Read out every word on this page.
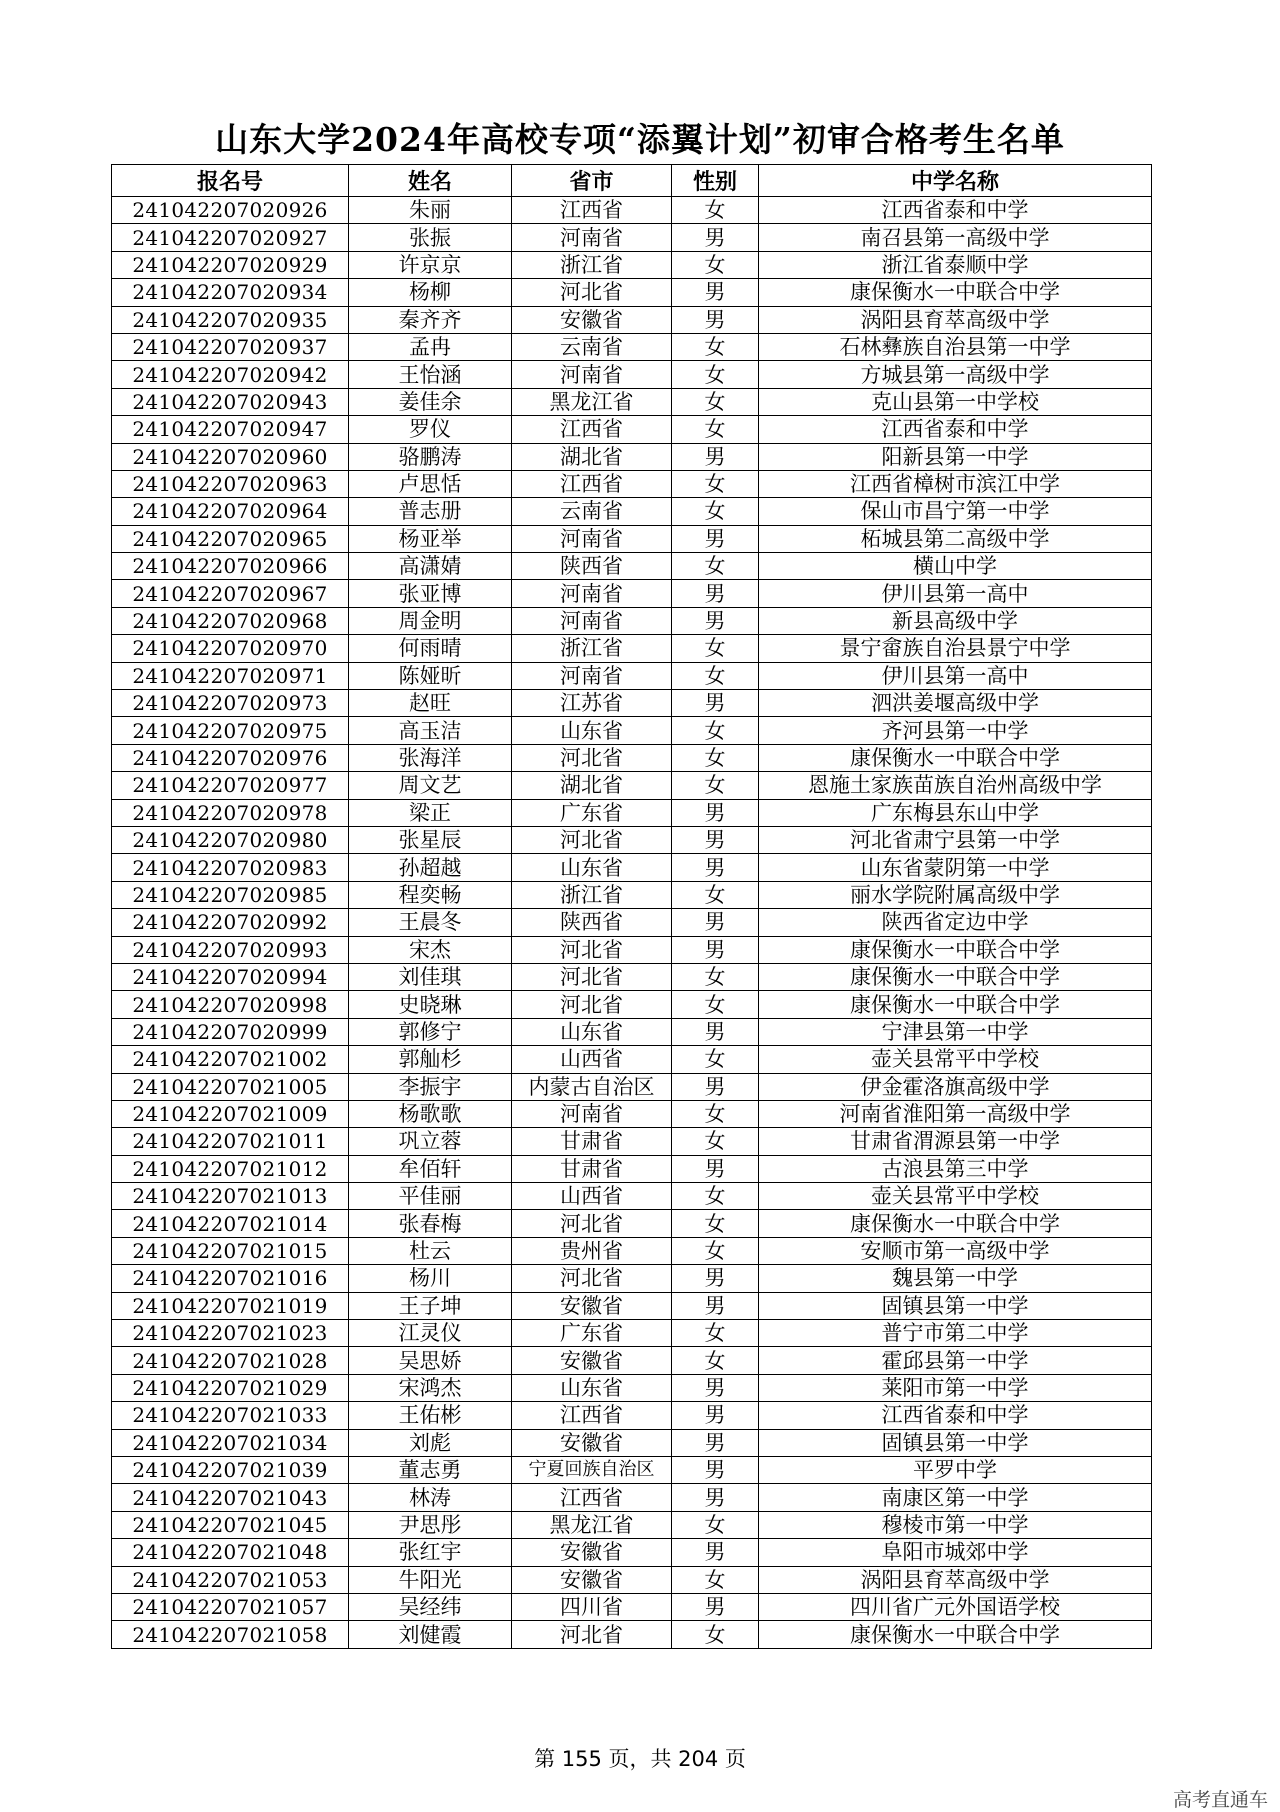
山东大学2024年高校专项“添翼计划”初审合格考生名单
报名号	姓名	省市	性别	中学名称
241042207020926	朱丽	江西省	女	江西省泰和中学
241042207020927	张振	河南省	男	南召县第一高级中学
241042207020929	许京京	浙江省	女	浙江省泰顺中学
241042207020934	杨柳	河北省	男	康保衡水一中联合中学
241042207020935	秦齐齐	安徽省	男	涡阳县育萃高级中学
241042207020937	孟冉	云南省	女	石林彝族自治县第一中学
241042207020942	王怡涵	河南省	女	方城县第一高级中学
241042207020943	姜佳余	黑龙江省	女	克山县第一中学校
241042207020947	罗仪	江西省	女	江西省泰和中学
241042207020960	骆鹏涛	湖北省	男	阳新县第一中学
241042207020963	卢思恬	江西省	女	江西省樟树市滨江中学
241042207020964	普志册	云南省	女	保山市昌宁第一中学
241042207020965	杨亚举	河南省	男	柘城县第二高级中学
241042207020966	高潇婧	陕西省	女	横山中学
241042207020967	张亚博	河南省	男	伊川县第一高中
241042207020968	周金明	河南省	男	新县高级中学
241042207020970	何雨晴	浙江省	女	景宁畲族自治县景宁中学
241042207020971	陈娅昕	河南省	女	伊川县第一高中
241042207020973	赵旺	江苏省	男	泗洪姜堰高级中学
241042207020975	高玉洁	山东省	女	齐河县第一中学
241042207020976	张海洋	河北省	女	康保衡水一中联合中学
241042207020977	周文艺	湖北省	女	恩施土家族苗族自治州高级中学
241042207020978	梁正	广东省	男	广东梅县东山中学
241042207020980	张星辰	河北省	男	河北省肃宁县第一中学
241042207020983	孙超越	山东省	男	山东省蒙阴第一中学
241042207020985	程奕畅	浙江省	女	丽水学院附属高级中学
241042207020992	王晨冬	陕西省	男	陕西省定边中学
241042207020993	宋杰	河北省	男	康保衡水一中联合中学
241042207020994	刘佳琪	河北省	女	康保衡水一中联合中学
241042207020998	史晓琳	河北省	女	康保衡水一中联合中学
241042207020999	郭修宁	山东省	男	宁津县第一中学
241042207021002	郭舢杉	山西省	女	壶关县常平中学校
241042207021005	李振宇	内蒙古自治区	男	伊金霍洛旗高级中学
241042207021009	杨歌歌	河南省	女	河南省淮阳第一高级中学
241042207021011	巩立蓉	甘肃省	女	甘肃省渭源县第一中学
241042207021012	牟佰轩	甘肃省	男	古浪县第三中学
241042207021013	平佳丽	山西省	女	壶关县常平中学校
241042207021014	张春梅	河北省	女	康保衡水一中联合中学
241042207021015	杜云	贵州省	女	安顺市第一高级中学
241042207021016	杨川	河北省	男	魏县第一中学
241042207021019	王子坤	安徽省	男	固镇县第一中学
241042207021023	江灵仪	广东省	女	普宁市第二中学
241042207021028	吴思娇	安徽省	女	霍邱县第一中学
241042207021029	宋鸿杰	山东省	男	莱阳市第一中学
241042207021033	王佑彬	江西省	男	江西省泰和中学
241042207021034	刘彪	安徽省	男	固镇县第一中学
241042207021039	董志勇	宁夏回族自治区	男	平罗中学
241042207021043	林涛	江西省	男	南康区第一中学
241042207021045	尹思彤	黑龙江省	女	穆棱市第一中学
241042207021048	张红宇	安徽省	男	阜阳市城郊中学
241042207021053	牛阳光	安徽省	女	涡阳县育萃高级中学
241042207021057	吴经纬	四川省	男	四川省广元外国语学校
241042207021058	刘健霞	河北省	女	康保衡水一中联合中学
第 155 页，共 204 页
高考直通车
